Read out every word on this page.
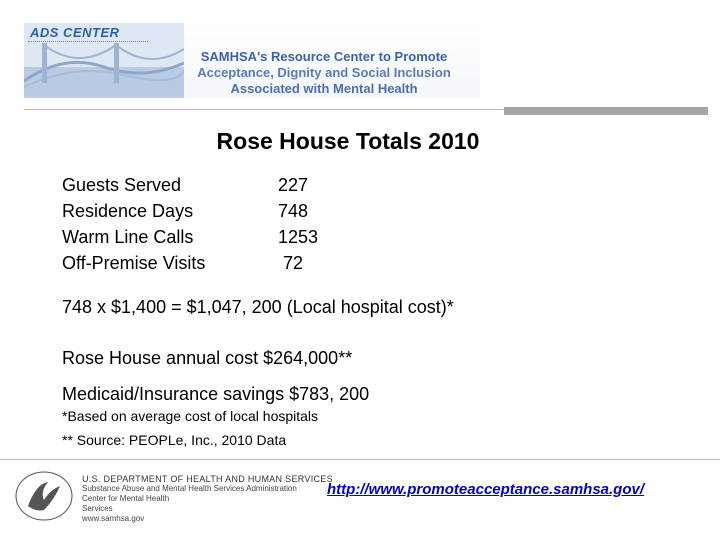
ADS CENTER
SAMHSA's Resource Center to Promote
Acceptance, Dignity and Social Inclusion
Associated with Mental Health
Rose House Totals 2010
Guests Served	227
Residence Days	748
Warm Line Calls	1253
Off-Premise Visits	72
748 x $1,400 = $1,047, 200 (Local hospital cost)*
Rose House annual cost $264,000**
Medicaid/Insurance savings $783, 200
*Based on average cost of local hospitals
** Source: PEOPLe, Inc., 2010 Data
U.S. DEPARTMENT OF HEALTH AND HUMAN SERVICES
Substance Abuse and Mental Health Services Administration
Center for Mental Health
Services
www.samhsa.gov
http://www.promoteacceptance.samhsa.gov/
